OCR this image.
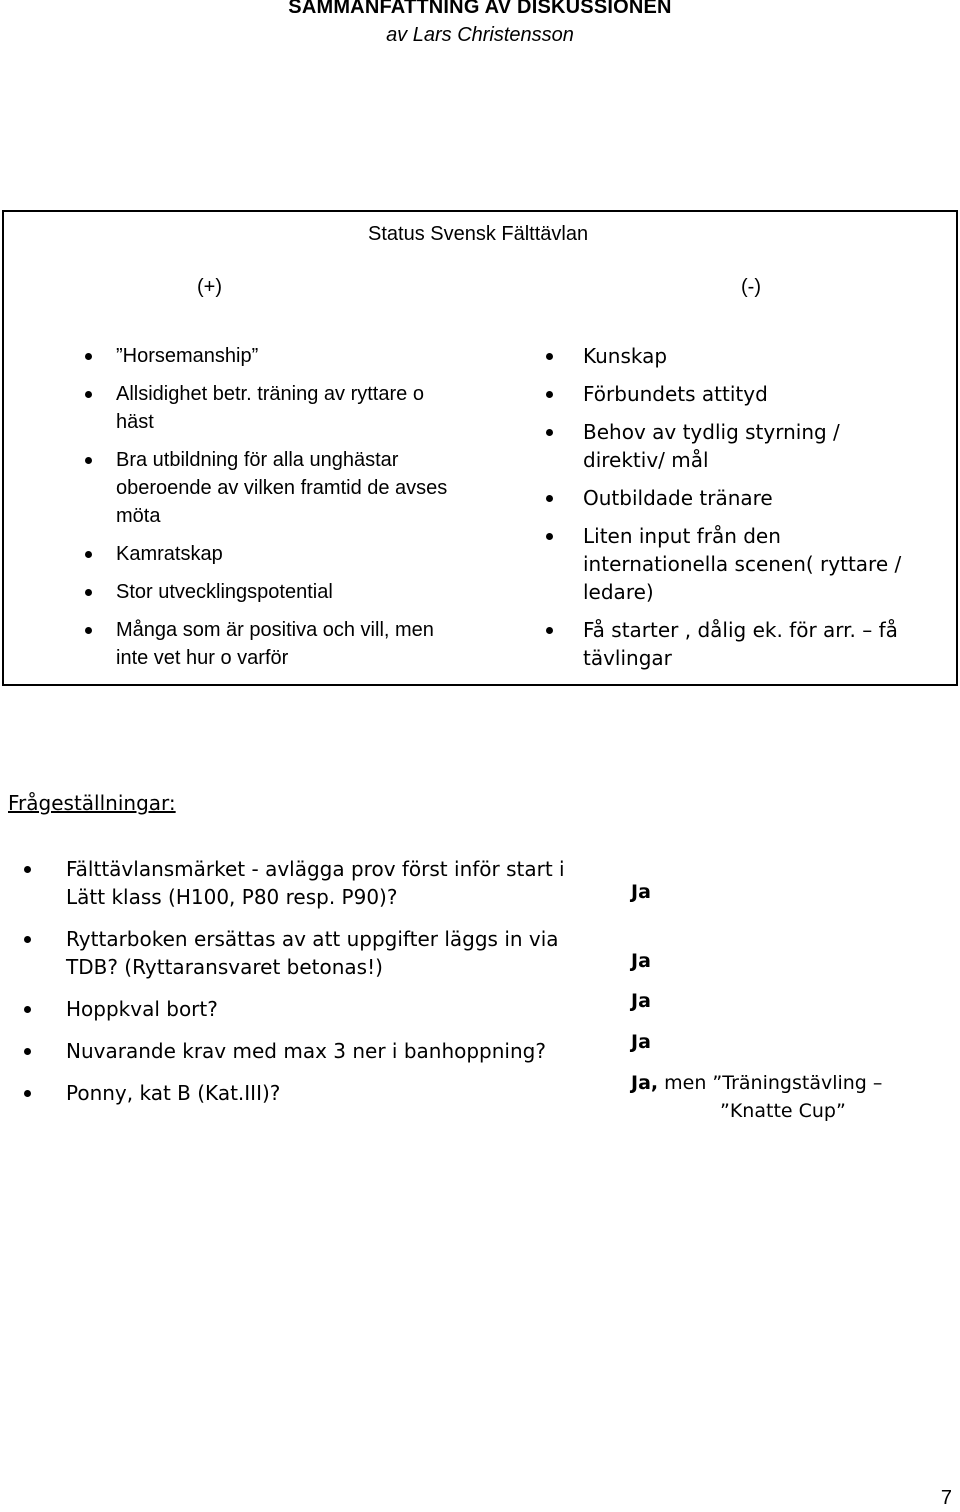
SAMMANFATTNING AV DISKUSSIONEN
av Lars Christensson
Status Svensk Fälttävlan
(+)	(-)
”Horsemanship”
Allsidighet betr. träning av ryttare o häst
Bra utbildning för alla unghästar oberoende av vilken framtid de avses möta
Kamratskap
Stor utvecklingspotential
Många som är positiva och vill, men inte vet hur o varför
Kunskap
Förbundets attityd
Behov av tydlig styrning / direktiv/ mål
Outbildade tränare
Liten input från den internationella scenen( ryttare / ledare)
Få starter , dålig ek. för arr. – få tävlingar
Frågeställningar:
Fälttävlansmärket - avlägga prov först inför start i Lätt klass (H100, P80 resp. P90)?
Ryttarboken ersättas av att uppgifter läggs in via TDB? (Ryttaransvaret betonas!)
Hoppkval bort?
Nuvarande krav med max 3 ner i banhoppning?
Ponny, kat B (Kat.III)?
Ja
Ja
Ja
Ja
Ja, men ”Träningstävling –
”Knatte Cup”
7
